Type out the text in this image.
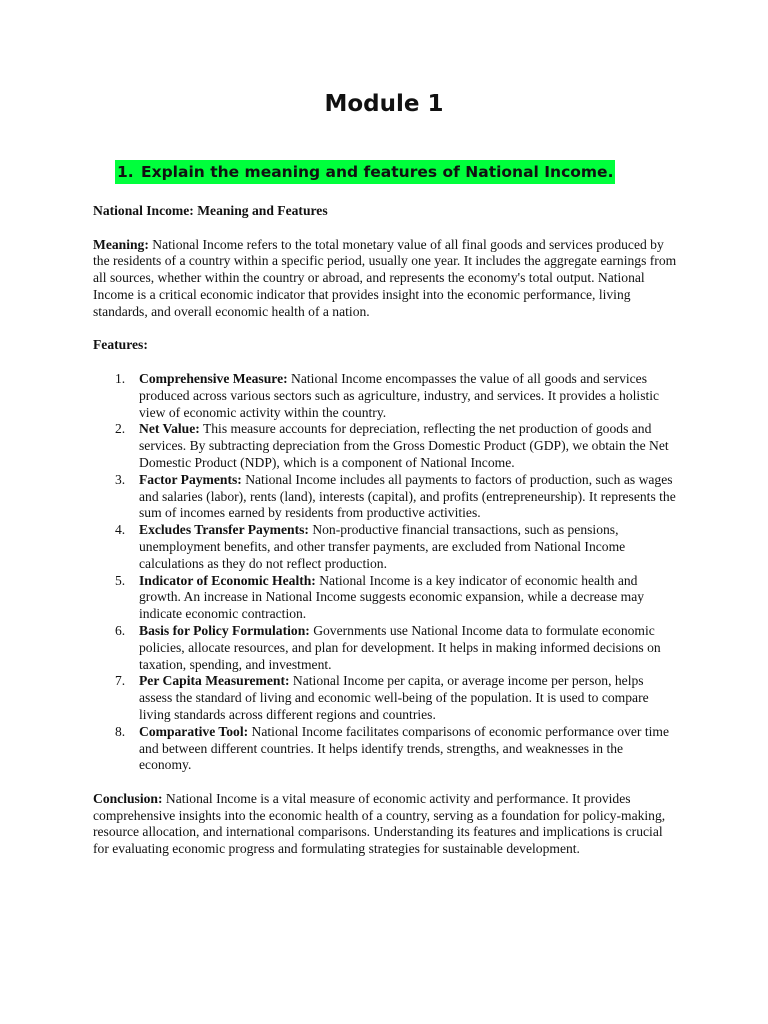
Module 1
1. Explain the meaning and features of National Income.

National Income: Meaning and Features

Meaning: National Income refers to the total monetary value of all final goods and services produced by the residents of a country within a specific period, usually one year. It includes the aggregate earnings from all sources, whether within the country or abroad, and represents the economy's total output. National Income is a critical economic indicator that provides insight into the economic performance, living standards, and overall economic health of a nation.

Features:

1. Comprehensive Measure: National Income encompasses the value of all goods and services produced across various sectors such as agriculture, industry, and services. It provides a holistic view of economic activity within the country.
2. Net Value: This measure accounts for depreciation, reflecting the net production of goods and services. By subtracting depreciation from the Gross Domestic Product (GDP), we obtain the Net Domestic Product (NDP), which is a component of National Income.
3. Factor Payments: National Income includes all payments to factors of production, such as wages and salaries (labor), rents (land), interests (capital), and profits (entrepreneurship). It represents the sum of incomes earned by residents from productive activities.
4. Excludes Transfer Payments: Non-productive financial transactions, such as pensions, unemployment benefits, and other transfer payments, are excluded from National Income calculations as they do not reflect production.
5. Indicator of Economic Health: National Income is a key indicator of economic health and growth. An increase in National Income suggests economic expansion, while a decrease may indicate economic contraction.
6. Basis for Policy Formulation: Governments use National Income data to formulate economic policies, allocate resources, and plan for development. It helps in making informed decisions on taxation, spending, and investment.
7. Per Capita Measurement: National Income per capita, or average income per person, helps assess the standard of living and economic well-being of the population. It is used to compare living standards across different regions and countries.
8. Comparative Tool: National Income facilitates comparisons of economic performance over time and between different countries. It helps identify trends, strengths, and weaknesses in the economy.

Conclusion: National Income is a vital measure of economic activity and performance. It provides comprehensive insights into the economic health of a country, serving as a foundation for policy-making, resource allocation, and international comparisons. Understanding its features and implications is crucial for evaluating economic progress and formulating strategies for sustainable development.
